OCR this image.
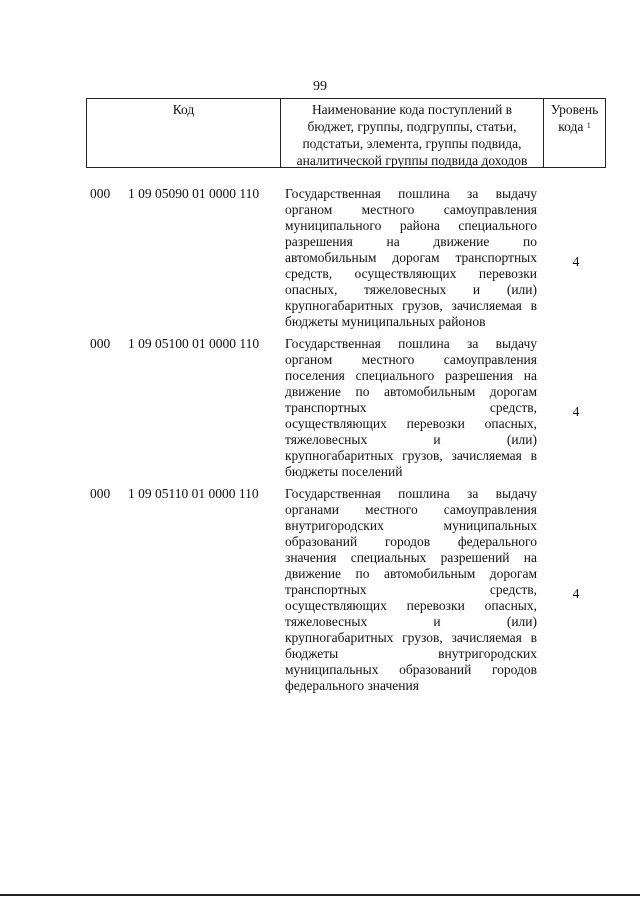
99
Код	Наименование кода поступлений в
бюджет, группы, подгруппы, статьи,
подстатьи, элемента, группы подвида,
аналитической группы подвида доходов
Уровень
кода $^1$
000 1 09 05090 01 0000 110 Государственная пошлина за выдачу
органом местного самоуправления
муниципального района специального
разрешения на движение по
автомобильным дорогам транспортных
средств, осуществляющих перевозки
опасных, тяжеловесных и (или)
крупногабаритных грузов, зачисляемая в
бюджеты муниципальных районов
4
000 1 09 05100 01 0000 110 Государственная пошлина за выдачу
органом местного самоуправления
поселения специального разрешения на
движение по автомобильным дорогам
транспортных средств,
осуществляющих перевозки опасных,
тяжеловесных и (или)
крупногабаритных грузов, зачисляемая в
бюджеты поселений
4
000 1 09 05110 01 0000 110 Государственная пошлина за выдачу
органами местного самоуправления
внутригородских муниципальных
образований городов федерального
значения специальных разрешений на
движение по автомобильным дорогам
транспортных средств,
осуществляющих перевозки опасных,
тяжеловесных и (или)
крупногабаритных грузов, зачисляемая в
бюджеты внутригородских
муниципальных образований городов
федерального значения
4
